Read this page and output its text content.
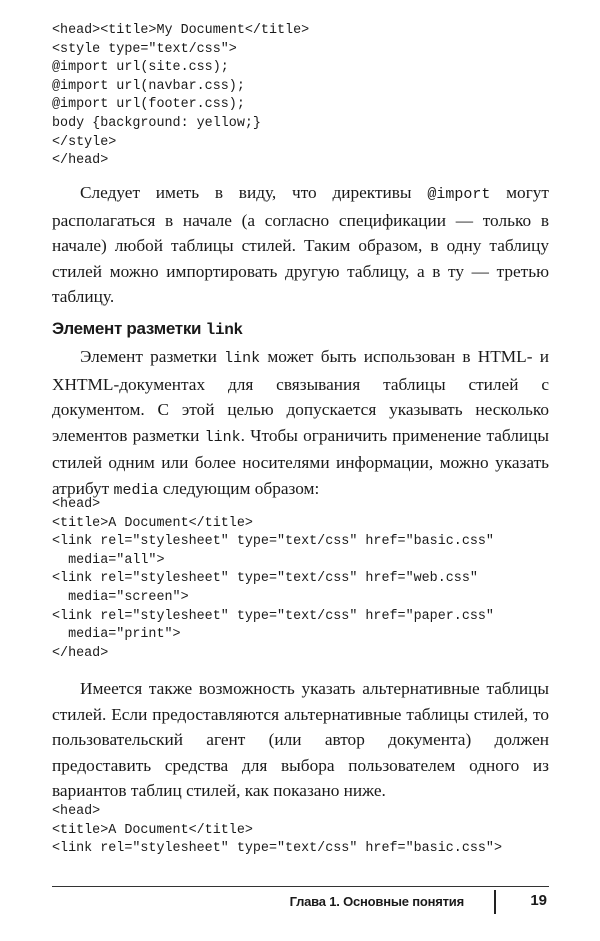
<head><title>My Document</title>
<style type="text/css">
@import url(site.css);
@import url(navbar.css);
@import url(footer.css);
body {background: yellow;}
</style>
</head>

Следует иметь в виду, что директивы @import могут располагаться в начале (а согласно спецификации — только в начале) любой таблицы стилей. Таким образом, в одну таблицу стилей можно импортировать другую таблицу, а в ту — третью таблицу.

Элемент разметки link

Элемент разметки link может быть использован в HTML- и XHTML-документах для связывания таблицы стилей с документом. С этой целью допускается указывать несколько элементов разметки link. Чтобы ограничить применение таблицы стилей одним или более носителями информации, можно указать атрибут media следующим образом:

<head>
<title>A Document</title>
<link rel="stylesheet" type="text/css" href="basic.css"
media="all">
<link rel="stylesheet" type="text/css" href="web.css"
media="screen">
<link rel="stylesheet" type="text/css" href="paper.css"
media="print">
</head>

Имеется также возможность указать альтернативные таблицы стилей. Если предоставляются альтернативные таблицы стилей, то пользовательский агент (или автор документа) должен предоставить средства для выбора пользователем одного из вариантов таблиц стилей, как показано ниже.

<head>
<title>A Document</title>
<link rel="stylesheet" type="text/css" href="basic.css">
Глава 1. Основные понятия	19
